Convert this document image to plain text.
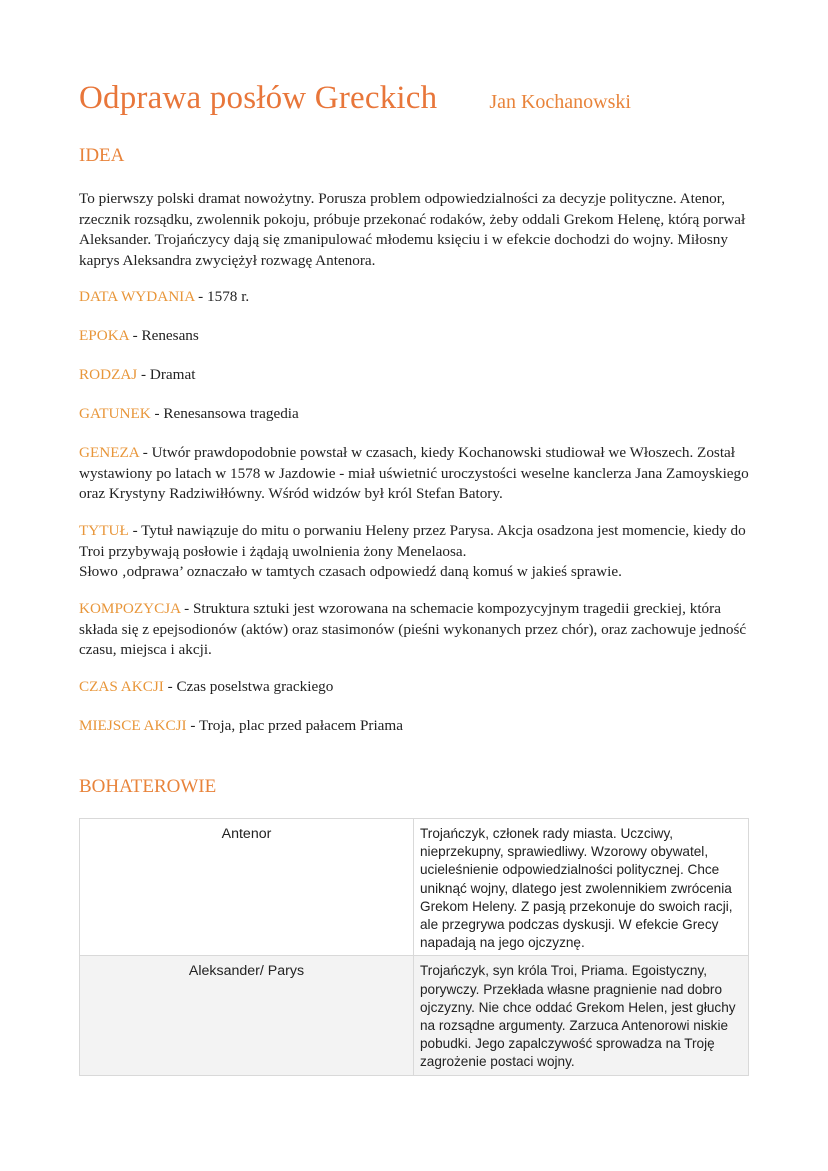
Odprawa posłów Greckich	Jan Kochanowski
IDEA

To pierwszy polski dramat nowożytny. Porusza problem odpowiedzialności za decyzje polityczne. Atenor, rzecznik rozsądku, zwolennik pokoju, próbuje przekonać rodaków, żeby oddali Grekom Helenę, którą porwał Aleksander. Trojańczycy dają się zmanipulować młodemu księciu i w efekcie dochodzi do wojny. Miłosny kaprys Aleksandra zwyciężył rozwagę Antenora.

DATA WYDANIA - 1578 r.

EPOKA - Renesans

RODZAJ - Dramat

GATUNEK - Renesansowa tragedia

GENEZA - Utwór prawdopodobnie powstał w czasach, kiedy Kochanowski studiował we Włoszech. Został wystawiony po latach w 1578 w Jazdowie - miał uświetnić uroczystości weselne kanclerza Jana Zamoyskiego oraz Krystyny Radziwiłłówny. Wśród widzów był król Stefan Batory.

TYTUŁ - Tytuł nawiązuje do mitu o porwaniu Heleny przez Parysa. Akcja osadzona jest momencie, kiedy do Troi przybywają posłowie i żądają uwolnienia żony Menelaosa.
Słowo ‚odprawa’ oznaczało w tamtych czasach odpowiedź daną komuś w jakieś sprawie.

KOMPOZYCJA - Struktura sztuki jest wzorowana na schemacie kompozycyjnym tragedii greckiej, która składa się z epejsodionów (aktów) oraz stasimonów (pieśni wykonanych przez chór), oraz zachowuje jedność czasu, miejsca i akcji.

CZAS AKCJI - Czas poselstwa grackiego

MIEJSCE AKCJI - Troja, plac przed pałacem Priama

BOHATEROWIE
Antenor	Trojańczyk, członek rady miasta. Uczciwy, nieprzekupny, sprawiedliwy. Wzorowy obywatel, ucieleśnienie odpowiedzialności politycznej. Chce uniknąć wojny, dlatego jest zwolennikiem zwrócenia Grekom Heleny. Z pasją przekonuje do swoich racji, ale przegrywa podczas dyskusji. W efekcie Grecy napadają na jego ojczyznę.
Aleksander/ Parys	Trojańczyk, syn króla Troi, Priama. Egoistyczny, porywczy. Przekłada własne pragnienie nad dobro ojczyzny. Nie chce oddać Grekom Helen, jest głuchy na rozsądne argumenty. Zarzuca Antenorowi niskie pobudki. Jego zapalczywość sprowadza na Troję zagrożenie postaci wojny.
